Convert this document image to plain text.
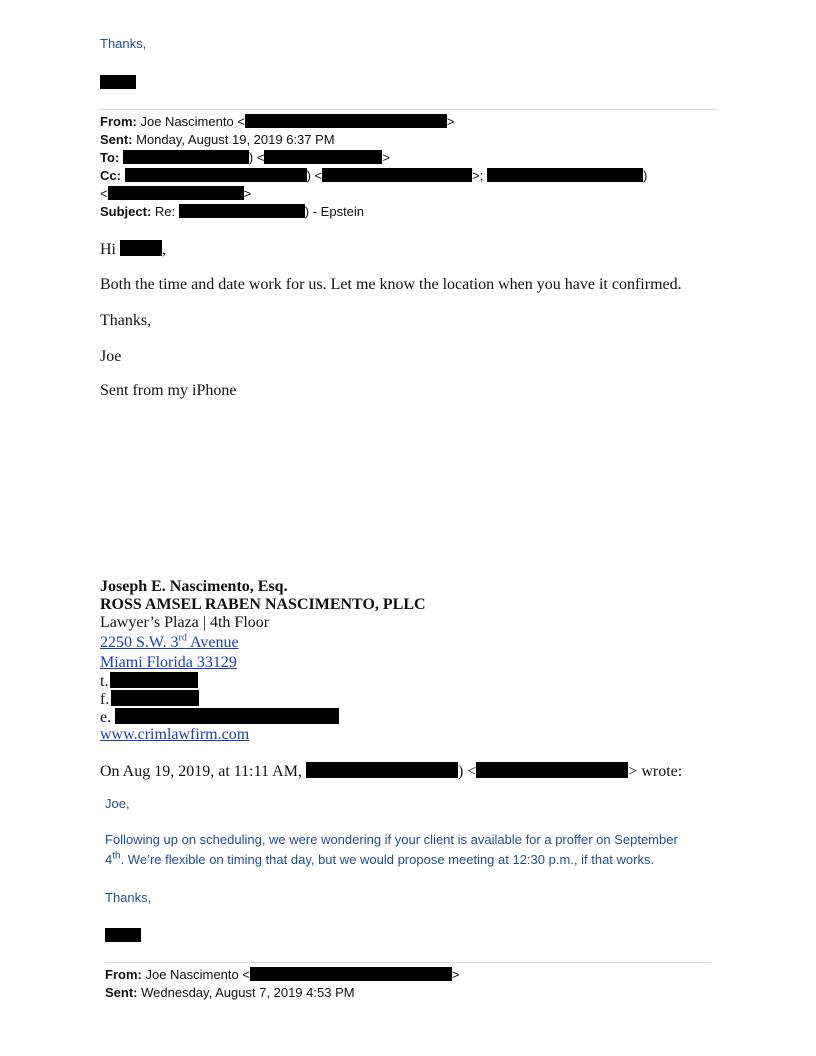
Thanks,
From: Joe Nascimento <	>
Sent: Monday, August 19, 2019 6:37 PM
To:	) <	>
Cc:	) <	>;	)
<	>
Subject: Re:	) - Epstein
Hi	,
Both the time and date work for us. Let me know the location when you have it confirmed.
Thanks,
Joe
Sent from my iPhone
Joseph E. Nascimento, Esq.
ROSS AMSEL RABEN NASCIMENTO, PLLC
Lawyer’s Plaza | 4th Floor
2250 S.W. 3rd Avenue
Miami Florida 33129
t.
f.
e.
www.crimlawfirm.com
On Aug 19, 2019, at 11:11 AM,	) <	> wrote:
Joe,
Following up on scheduling, we were wondering if your client is available for a proffer on September
4th. We’re flexible on timing that day, but we would propose meeting at 12:30 p.m., if that works.
Thanks,
From: Joe Nascimento <	>
Sent: Wednesday, August 7, 2019 4:53 PM
